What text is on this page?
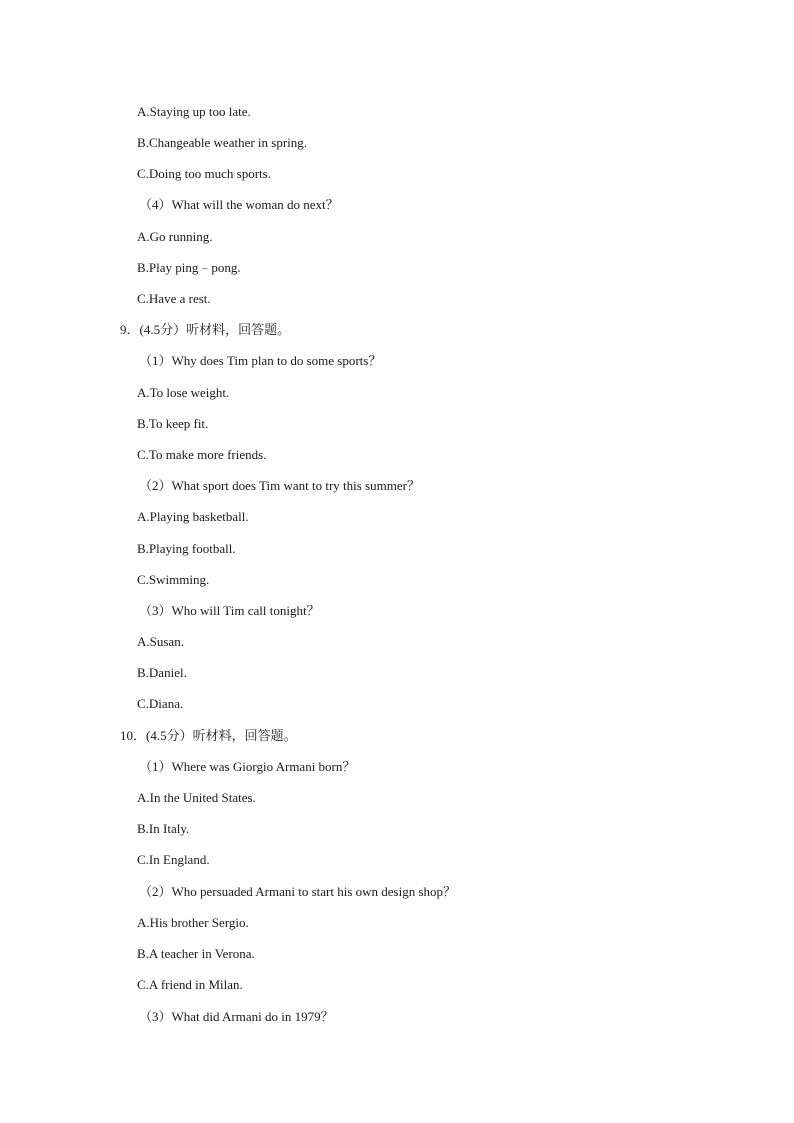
A.Staying up too late.
B.Changeable weather in spring.
C.Doing too much sports.
（4）What will the woman do next？
A.Go running.
B.Play ping﹣pong.
C.Have a rest.
9．(4.5分）听材料，回答题。
（1）Why does Tim plan to do some sports？
A.To lose weight.
B.To keep fit.
C.To make more friends.
（2）What sport does Tim want to try this summer？
A.Playing basketball.
B.Playing football.
C.Swimming.
（3）Who will Tim call tonight？
A.Susan.
B.Daniel.
C.Diana.
10．(4.5分）听材料，回答题。
（1）Where was Giorgio Armani born？
A.In the United States.
B.In Italy.
C.In England.
（2）Who persuaded Armani to start his own design shop？
A.His brother Sergio.
B.A teacher in Verona.
C.A friend in Milan.
（3）What did Armani do in 1979？
